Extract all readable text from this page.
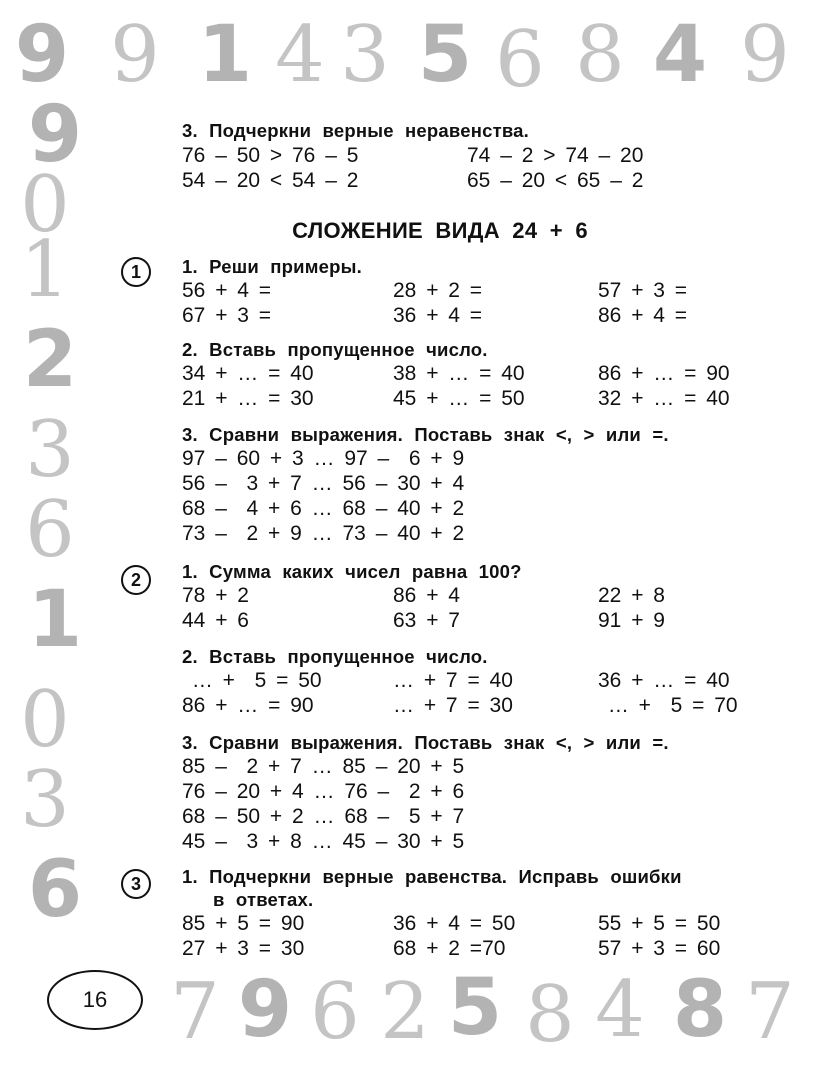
9 9 1 4 3 5 6 8 4 9
9
0
1
2
3
6
1
0
3
6
7 9 6 2 5 8 4 8 7
3. Подчеркни верные неравенства.
76 – 50 > 76 – 5	74 – 2 > 74 – 20
54 – 20 < 54 – 2	65 – 20 < 65 – 2
СЛОЖЕНИЕ ВИДА 24 + 6
1	1. Реши примеры.
56 + 4 =	28 + 2 =	57 + 3 =
67 + 3 =	36 + 4 =	86 + 4 =
2. Вставь пропущенное число.
34 + … = 40	38 + … = 40	86 + … = 90
21 + … = 30	45 + … = 50	32 + … = 40
3. Сравни выражения. Поставь знак <, > или =.
97 – 60 + 3 … 97 –  6 + 9
56 –  3 + 7 … 56 – 30 + 4
68 –  4 + 6 … 68 – 40 + 2
73 –  2 + 9 … 73 – 40 + 2
2	1. Сумма каких чисел равна 100?
78 + 2	86 + 4	22 + 8
44 + 6	63 + 7	91 + 9
2. Вставь пропущенное число.
… +  5 = 50	… + 7 = 40	36 + … = 40
86 + … = 90	… + 7 = 30	… +  5 = 70
3. Сравни выражения. Поставь знак <, > или =.
85 –  2 + 7 … 85 – 20 + 5
76 – 20 + 4 … 76 –  2 + 6
68 – 50 + 2 … 68 –  5 + 7
45 –  3 + 8 … 45 – 30 + 5
3	1. Подчеркни верные равенства. Исправь ошибки
в ответах.
85 + 5 = 90	36 + 4 = 50	55 + 5 = 50
27 + 3 = 30	68 + 2 =70	57 + 3 = 60
16
